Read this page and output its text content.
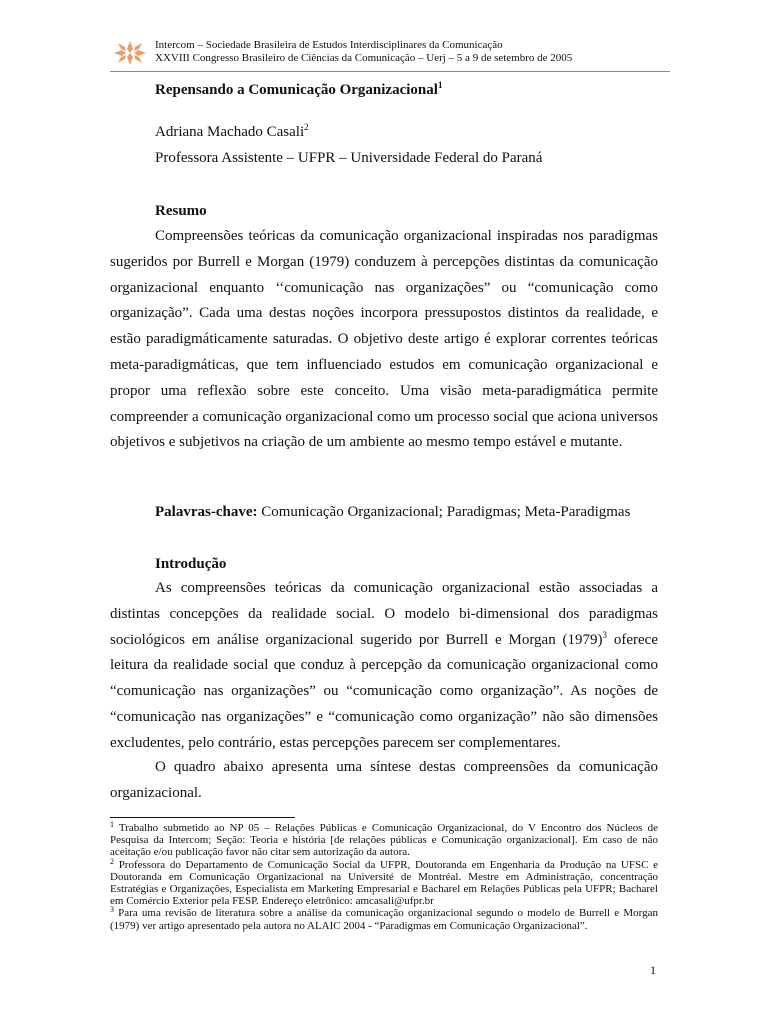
Intercom – Sociedade Brasileira de Estudos Interdisciplinares da Comunicação
XXVIII Congresso Brasileiro de Ciências da Comunicação – Uerj – 5 a 9 de setembro de 2005
Repensando a Comunicação Organizacional$^1$
Adriana Machado Casali$^2$
Professora Assistente – UFPR – Universidade Federal do Paraná
Resumo
Compreensões teóricas da comunicação organizacional inspiradas nos paradigmas sugeridos por Burrell e Morgan (1979) conduzem à percepções distintas da comunicação organizacional enquanto ‘‘comunicação nas organizações” ou “comunicação como organização”. Cada uma destas noções incorpora pressupostos distintos da realidade, e estão paradigmáticamente saturadas. O objetivo deste artigo é explorar correntes teóricas meta-paradigmáticas, que tem influenciado estudos em comunicação organizacional e propor uma reflexão sobre este conceito. Uma visão meta-paradigmática permite compreender a comunicação organizacional como um processo social que aciona universos objetivos e subjetivos na criação de um ambiente ao mesmo tempo estável e mutante.
Palavras-chave: Comunicação Organizacional; Paradigmas; Meta-Paradigmas
Introdução
As compreensões teóricas da comunicação organizacional estão associadas a distintas concepções da realidade social. O modelo bi-dimensional dos paradigmas sociológicos em análise organizacional sugerido por Burrell e Morgan $(1979)^3$ oferece leitura da realidade social que conduz à percepção da comunicação organizacional como “comunicação nas organizações” ou “comunicação como organização”. As noções de “comunicação nas organizações” e “comunicação como organização” não são dimensões excludentes, pelo contrário, estas percepções parecem ser complementares.
O quadro abaixo apresenta uma síntese destas compreensões da comunicação organizacional.

$^1$ Trabalho submetido ao NP 05 – Relações Públicas e Comunicação Organizacional, do V Encontro dos Núcleos de Pesquisa da Intercom; Seção: Teoria e história [de relações públicas e Comunicação organizacional]. Em caso de não aceitação e/ou publicação favor não citar sem autorização da autora.

$^2$ Professora do Departamento de Comunicação Social da UFPR, Doutoranda em Engenharia da Produção na UFSC e Doutoranda em Comunicação Organizacional na Université de Montréal. Mestre em Administração, concentração Estratégias e Organizações, Especialista em Marketing Empresarial e Bacharel em Relações Públicas pela UFPR; Bacharel em Comércio Exterior pela FESP. Endereço eletrônico: amcasali@ufpr.br

$^3$ Para uma revisão de literatura sobre a análise da comunicação organizacional segundo o modelo de Burrell e Morgan (1979) ver artigo apresentado pela autora no ALAIC 2004 - “Paradigmas em Comunicação Organizacional”.

1
